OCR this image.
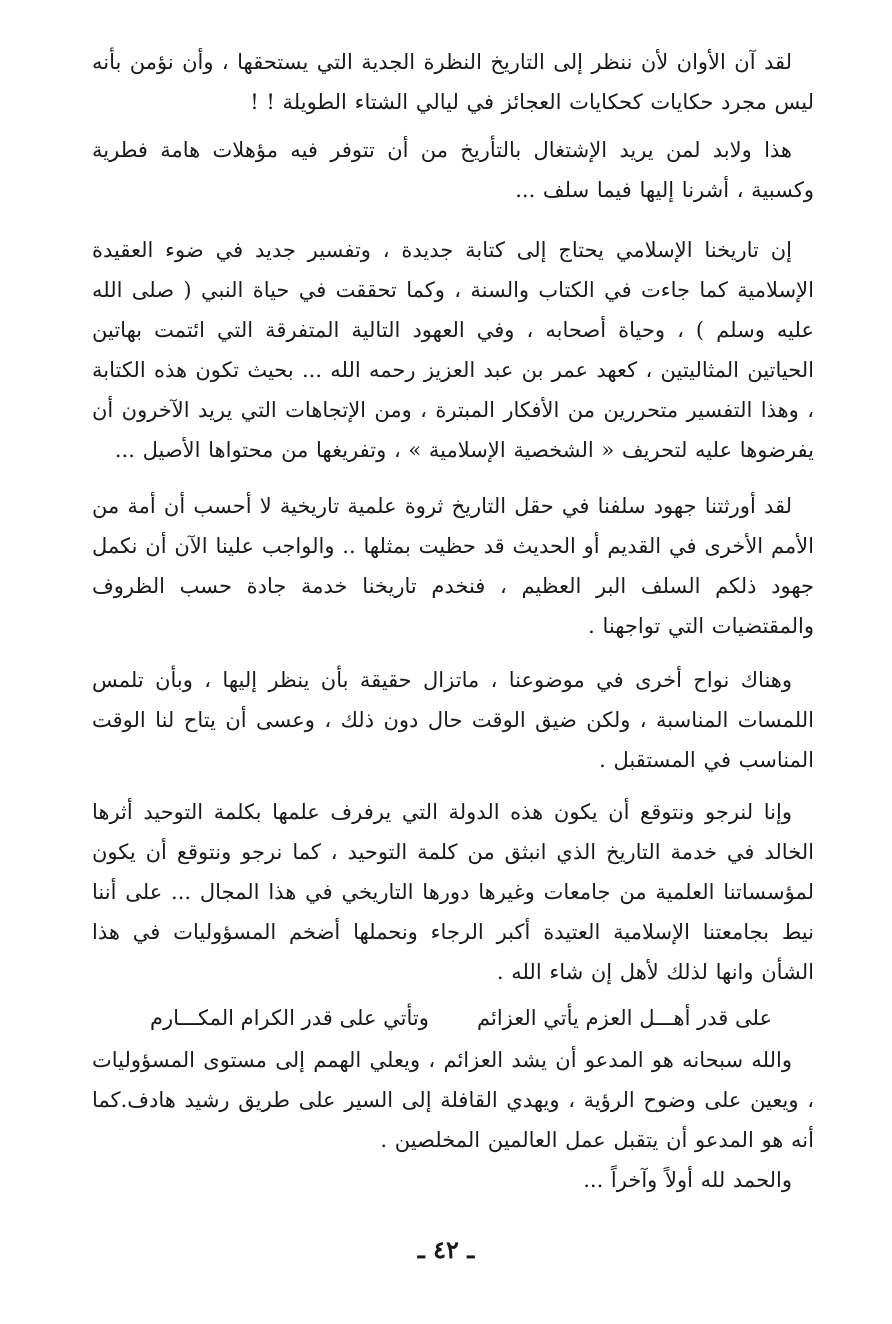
لقد آن الأوان لأن ننظر إلى التاريخ النظرة الجدية التي يستحقها ، وأن نؤمن بأنه ليس مجرد حكايات كحكايات العجائز في ليالي الشتاء الطويلة ! !

هذا ولابد لمن يريد الإشتغال بالتأريخ من أن تتوفر فيه مؤهلات هامة فطرية وكسبية ، أشرنا إليها فيما سلف ...

إن تاريخنا الإسلامي يحتاج إلى كتابة جديدة ، وتفسير جديد في ضوء العقيدة الإسلامية كما جاءت في الكتاب والسنة ، وكما تحققت في حياة النبي ( صلى الله عليه وسلم ) ، وحياة أصحابه ، وفي العهود التالية المتفرقة التي ائتمت بهاتين الحياتين المثاليتين ، كعهد عمر بن عبد العزيز رحمه الله ... بحيث تكون هذه الكتابة ، وهذا التفسير متحررين من الأفكار المبترة ، ومن الإتجاهات التي يريد الآخرون أن يفرضوها عليه لتحريف « الشخصية الإسلامية » ، وتفريغها من محتواها الأصيل ...

لقد أورثتنا جهود سلفنا في حقل التاريخ ثروة علمية تاريخية لا أحسب أن أمة من الأمم الأخرى في القديم أو الحديث قد حظيت بمثلها .. والواجب علينا الآن أن نكمل جهود ذلكم السلف البر العظيم ، فنخدم تاريخنا خدمة جادة حسب الظروف والمقتضيات التي تواجهنا .

وهناك نواح أخرى في موضوعنا ، ماتزال حقيقة بأن ينظر إليها ، وبأن تلمس اللمسات المناسبة ، ولكن ضيق الوقت حال دون ذلك ، وعسى أن يتاح لنا الوقت المناسب في المستقبل .

وإنا لنرجو ونتوقع أن يكون هذه الدولة التي يرفرف علمها بكلمة التوحيد أثرها الخالد في خدمة التاريخ الذي انبثق من كلمة التوحيد ، كما نرجو ونتوقع أن يكون لمؤسساتنا العلمية من جامعات وغيرها دورها التاريخي في هذا المجال ... على أننا نيط بجامعتنا الإسلامية العتيدة أكبر الرجاء ونحملها أضخم المسؤوليات في هذا الشأن وانها لذلك لأهل إن شاء الله .

على قدر أهـــل العزم يأتي العزائم
وتأتي على قدر الكرام المكـــارم

والله سبحانه هو المدعو أن يشد العزائم ، ويعلي الهمم إلى مستوى المسؤوليات ، ويعين على وضوح الرؤية ، ويهدي القافلة إلى السير على طريق رشيد هادف.كما أنه هو المدعو أن يتقبل عمل العالمين المخلصين .

والحمد لله أولاً وآخراً ...

ـ ٤٢ ـ
